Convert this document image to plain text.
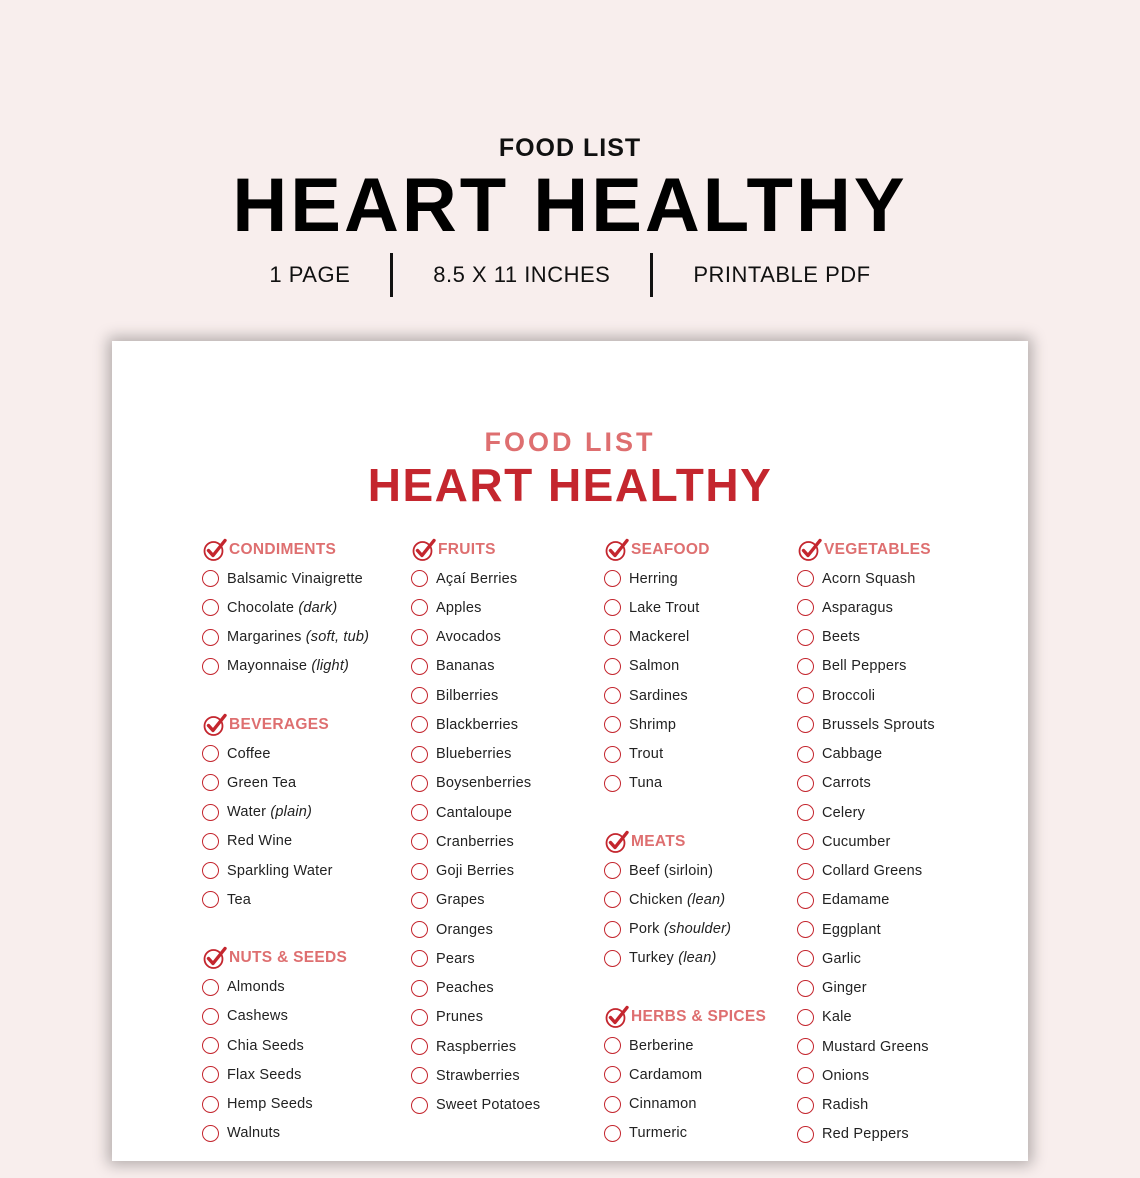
FOOD LIST
HEART HEALTHY
1 PAGE	8.5 X 11 INCHES	PRINTABLE PDF
FOOD LIST
HEART HEALTHY
CONDIMENTS
Balsamic Vinaigrette
Chocolate (dark)
Margarines (soft, tub)
Mayonnaise (light)
BEVERAGES
Coffee
Green Tea
Water (plain)
Red Wine
Sparkling Water
Tea
NUTS & SEEDS
Almonds
Cashews
Chia Seeds
Flax Seeds
Hemp Seeds
Walnuts
FRUITS
Açaí Berries
Apples
Avocados
Bananas
Bilberries
Blackberries
Blueberries
Boysenberries
Cantaloupe
Cranberries
Goji Berries
Grapes
Oranges
Pears
Peaches
Prunes
Raspberries
Strawberries
Sweet Potatoes
SEAFOOD
Herring
Lake Trout
Mackerel
Salmon
Sardines
Shrimp
Trout
Tuna
MEATS
Beef (sirloin)
Chicken (lean)
Pork (shoulder)
Turkey (lean)
HERBS & SPICES
Berberine
Cardamom
Cinnamon
Turmeric
VEGETABLES
Acorn Squash
Asparagus
Beets
Bell Peppers
Broccoli
Brussels Sprouts
Cabbage
Carrots
Celery
Cucumber
Collard Greens
Edamame
Eggplant
Garlic
Ginger
Kale
Mustard Greens
Onions
Radish
Red Peppers
